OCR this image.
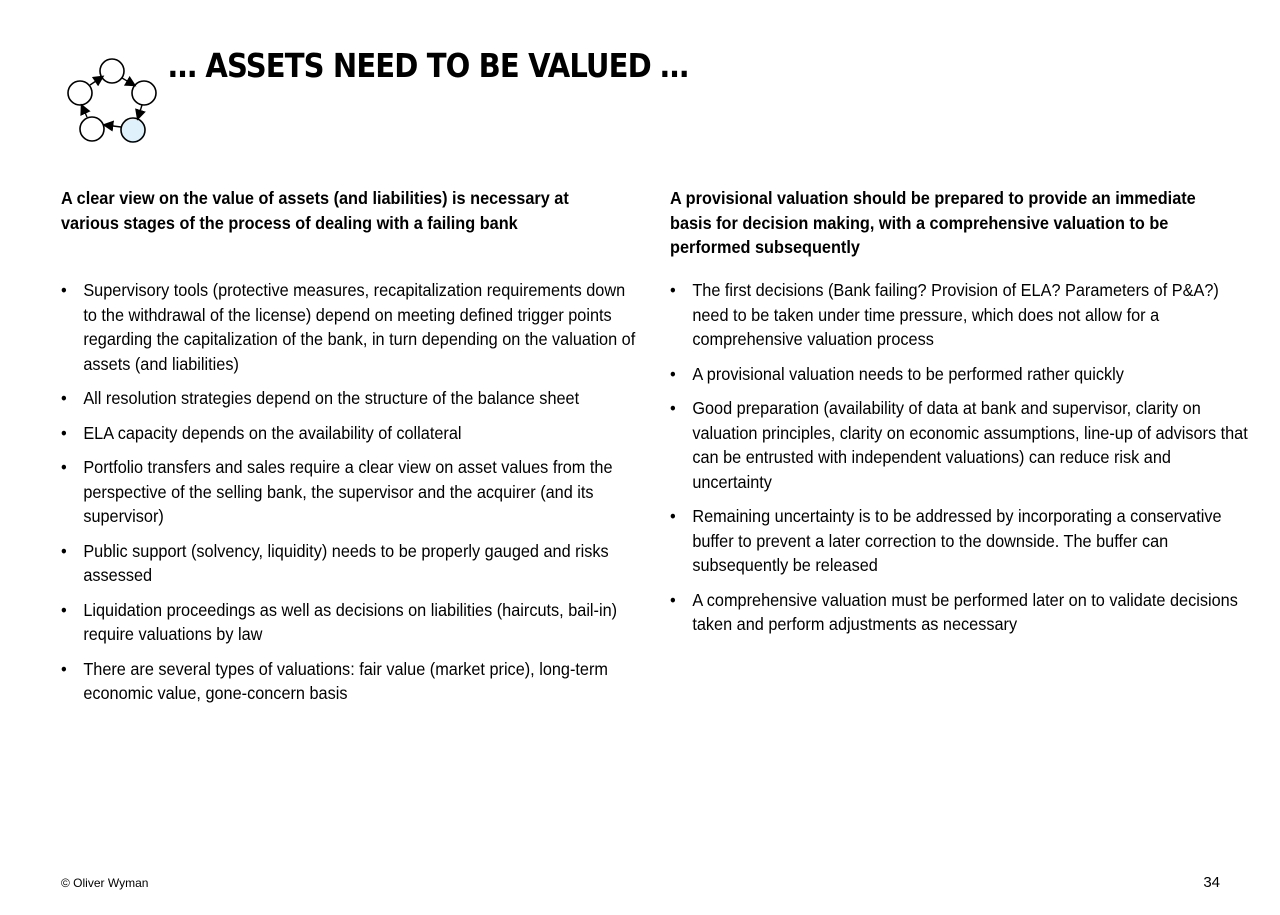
… ASSETS NEED TO BE VALUED …

A clear view on the value of assets (and liabilities) is necessary at various stages of the process of dealing with a failing bank

• Supervisory tools (protective measures, recapitalization requirements down to the withdrawal of the license) depend on meeting defined trigger points regarding the capitalization of the bank, in turn depending on the valuation of assets (and liabilities)
• All resolution strategies depend on the structure of the balance sheet
• ELA capacity depends on the availability of collateral
• Portfolio transfers and sales require a clear view on asset values from the perspective of the selling bank, the supervisor and the acquirer (and its supervisor)
• Public support (solvency, liquidity) needs to be properly gauged and risks assessed
• Liquidation proceedings as well as decisions on liabilities (haircuts, bail-in) require valuations by law
• There are several types of valuations: fair value (market price), long-term economic value, gone-concern basis

A provisional valuation should be prepared to provide an immediate basis for decision making, with a comprehensive valuation to be performed subsequently

• The first decisions (Bank failing? Provision of ELA? Parameters of P&A?) need to be taken under time pressure, which does not allow for a comprehensive valuation process
• A provisional valuation needs to be performed rather quickly
• Good preparation (availability of data at bank and supervisor, clarity on valuation principles, clarity on economic assumptions, line-up of advisors that can be entrusted with independent valuations) can reduce risk and uncertainty
• Remaining uncertainty is to be addressed by incorporating a conservative buffer to prevent a later correction to the downside. The buffer can subsequently be released
• A comprehensive valuation must be performed later on to validate decisions taken and perform adjustments as necessary
© Oliver Wyman	34
